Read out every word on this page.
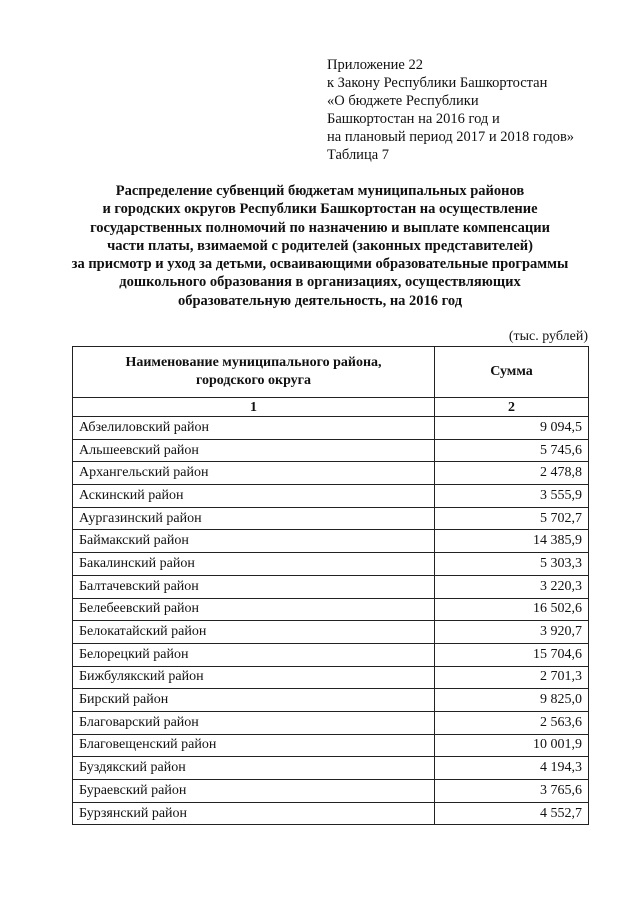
Приложение 22
к Закону Республики Башкортостан
«О бюджете Республики
Башкортостан на 2016 год и
на плановый период 2017 и 2018 годов»
Таблица 7
Распределение субвенций бюджетам муниципальных районов
и городских округов Республики Башкортостан на осуществление
государственных полномочий по назначению и выплате компенсации
части платы, взимаемой с родителей (законных представителей)
за присмотр и уход за детьми, осваивающими образовательные программы
дошкольного образования в организациях, осуществляющих
образовательную деятельность, на 2016 год
(тыс. рублей)
Наименование муниципального района,
городского округа	Сумма
1	2
Абзелиловский район	9 094,5
Альшеевский район	5 745,6
Архангельский район	2 478,8
Аскинский район	3 555,9
Аургазинский район	5 702,7
Баймакский район	14 385,9
Бакалинский район	5 303,3
Балтачевский район	3 220,3
Белебеевский район	16 502,6
Белокатайский район	3 920,7
Белорецкий район	15 704,6
Бижбулякский район	2 701,3
Бирский район	9 825,0
Благоварский район	2 563,6
Благовещенский район	10 001,9
Буздякский район	4 194,3
Бураевский район	3 765,6
Бурзянский район	4 552,7
